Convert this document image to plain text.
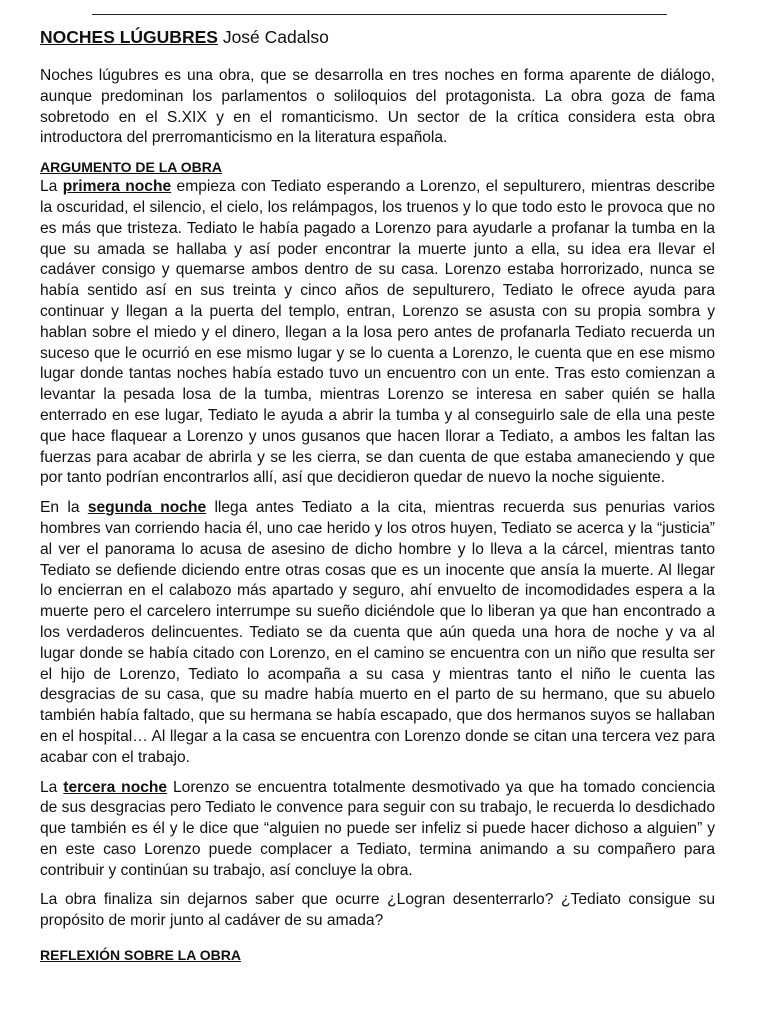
NOCHES LÚGUBRES José Cadalso

Noches lúgubres es una obra, que se desarrolla en tres noches en forma aparente de diálogo, aunque predominan los parlamentos o soliloquios del protagonista. La obra goza de fama sobretodo en el S.XIX y en el romanticismo. Un sector de la crítica considera esta obra introductora del prerromanticismo en la literatura española.

ARGUMENTO DE LA OBRA

La primera noche empieza con Tediato esperando a Lorenzo, el sepulturero, mientras describe la oscuridad, el silencio, el cielo, los relámpagos, los truenos y lo que todo esto le provoca que no es más que tristeza. Tediato le había pagado a Lorenzo para ayudarle a profanar la tumba en la que su amada se hallaba y así poder encontrar la muerte junto a ella, su idea era llevar el cadáver consigo y quemarse ambos dentro de su casa. Lorenzo estaba horrorizado, nunca se había sentido así en sus treinta y cinco años de sepulturero, Tediato le ofrece ayuda para continuar y llegan a la puerta del templo, entran, Lorenzo se asusta con su propia sombra y hablan sobre el miedo y el dinero, llegan a la losa pero antes de profanarla Tediato recuerda un suceso que le ocurrió en ese mismo lugar y se lo cuenta a Lorenzo, le cuenta que en ese mismo lugar donde tantas noches había estado tuvo un encuentro con un ente. Tras esto comienzan a levantar la pesada losa de la tumba, mientras Lorenzo se interesa en saber quién se halla enterrado en ese lugar, Tediato le ayuda a abrir la tumba y al conseguirlo sale de ella una peste que hace flaquear a Lorenzo y unos gusanos que hacen llorar a Tediato, a ambos les faltan las fuerzas para acabar de abrirla y se les cierra, se dan cuenta de que estaba amaneciendo y que por tanto podrían encontrarlos allí, así que decidieron quedar de nuevo la noche siguiente.

En la segunda noche llega antes Tediato a la cita, mientras recuerda sus penurias varios hombres van corriendo hacia él, uno cae herido y los otros huyen, Tediato se acerca y la “justicia” al ver el panorama lo acusa de asesino de dicho hombre y lo lleva a la cárcel, mientras tanto Tediato se defiende diciendo entre otras cosas que es un inocente que ansía la muerte. Al llegar lo encierran en el calabozo más apartado y seguro, ahí envuelto de incomodidades espera a la muerte pero el carcelero interrumpe su sueño diciéndole que lo liberan ya que han encontrado a los verdaderos delincuentes. Tediato se da cuenta que aún queda una hora de noche y va al lugar donde se había citado con Lorenzo, en el camino se encuentra con un niño que resulta ser el hijo de Lorenzo, Tediato lo acompaña a su casa y mientras tanto el niño le cuenta las desgracias de su casa, que su madre había muerto en el parto de su hermano, que su abuelo también había faltado, que su hermana se había escapado, que dos hermanos suyos se hallaban en el hospital… Al llegar a la casa se encuentra con Lorenzo donde se citan una tercera vez para acabar con el trabajo.

La tercera noche Lorenzo se encuentra totalmente desmotivado ya que ha tomado conciencia de sus desgracias pero Tediato le convence para seguir con su trabajo, le recuerda lo desdichado que también es él y le dice que “alguien no puede ser infeliz si puede hacer dichoso a alguien” y en este caso Lorenzo puede complacer a Tediato, termina animando a su compañero para contribuir y continúan su trabajo, así concluye la obra.

La obra finaliza sin dejarnos saber que ocurre ¿Logran desenterrarlo? ¿Tediato consigue su propósito de morir junto al cadáver de su amada?

REFLEXIÓN SOBRE LA OBRA
